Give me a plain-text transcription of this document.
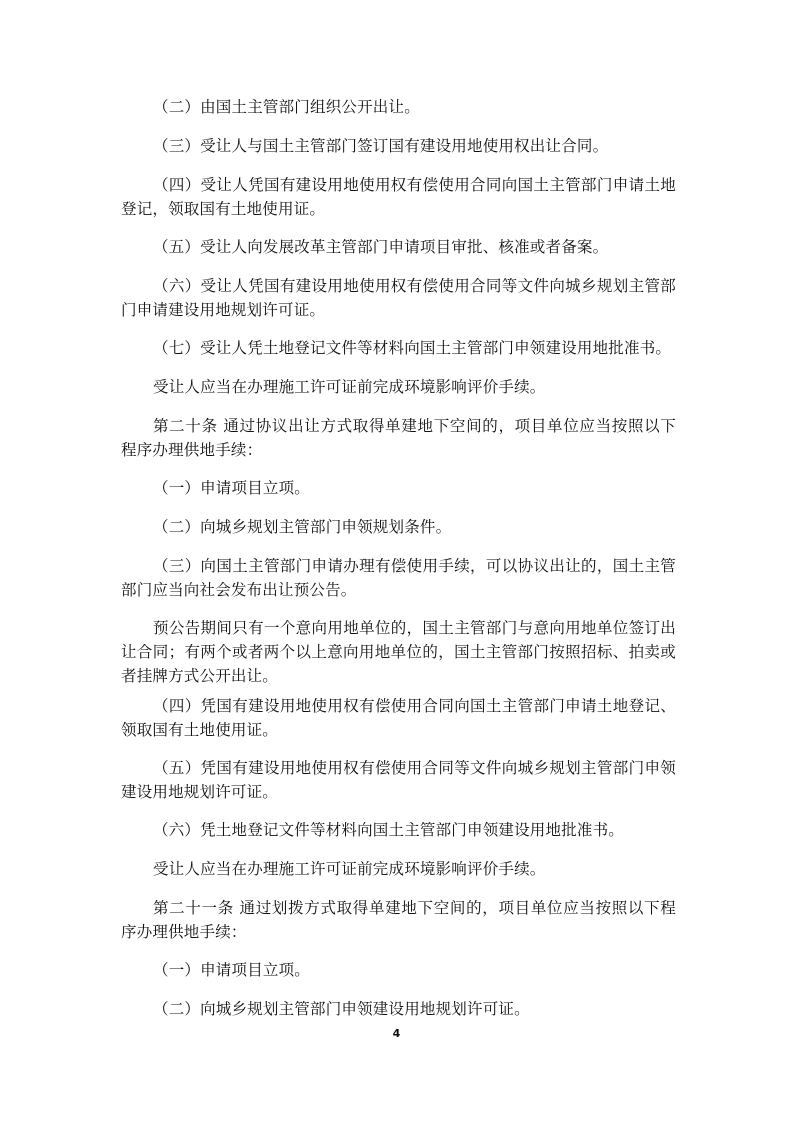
（二）由国土主管部门组织公开出让。

（三）受让人与国土主管部门签订国有建设用地使用权出让合同。

（四）受让人凭国有建设用地使用权有偿使用合同向国土主管部门申请土地登记，领取国有土地使用证。

（五）受让人向发展改革主管部门申请项目审批、核准或者备案。

（六）受让人凭国有建设用地使用权有偿使用合同等文件向城乡规划主管部门申请建设用地规划许可证。

（七）受让人凭土地登记文件等材料向国土主管部门申领建设用地批准书。

受让人应当在办理施工许可证前完成环境影响评价手续。

第二十条 通过协议出让方式取得单建地下空间的，项目单位应当按照以下程序办理供地手续：

（一）申请项目立项。

（二）向城乡规划主管部门申领规划条件。

（三）向国土主管部门申请办理有偿使用手续，可以协议出让的，国土主管部门应当向社会发布出让预公告。

预公告期间只有一个意向用地单位的，国土主管部门与意向用地单位签订出让合同；有两个或者两个以上意向用地单位的，国土主管部门按照招标、拍卖或者挂牌方式公开出让。

（四）凭国有建设用地使用权有偿使用合同向国土主管部门申请土地登记、领取国有土地使用证。

（五）凭国有建设用地使用权有偿使用合同等文件向城乡规划主管部门申领建设用地规划许可证。

（六）凭土地登记文件等材料向国土主管部门申领建设用地批准书。

受让人应当在办理施工许可证前完成环境影响评价手续。

第二十一条 通过划拨方式取得单建地下空间的，项目单位应当按照以下程序办理供地手续：

（一）申请项目立项。

（二）向城乡规划主管部门申领建设用地规划许可证。

4
